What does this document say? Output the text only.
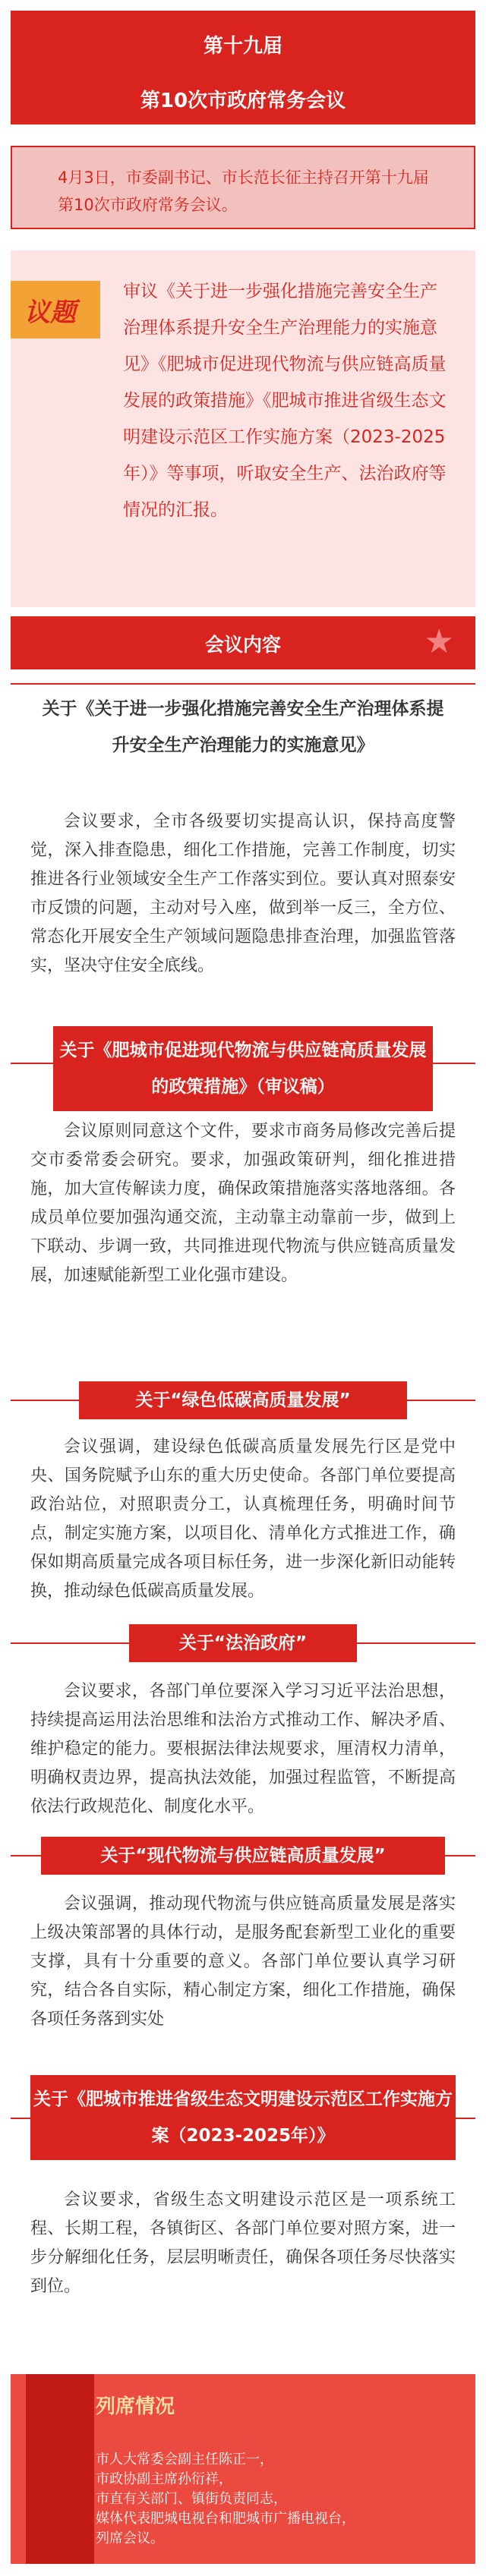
第十九届
第10次市政府常务会议
4月3日，市委副书记、市长范长征主持召开第十九届第10次市政府常务会议。
议题
审议《关于进一步强化措施完善安全生产治理体系提升安全生产治理能力的实施意见》《肥城市促进现代物流与供应链高质量发展的政策措施》《肥城市推进省级生态文明建设示范区工作实施方案（2023-2025年）》等事项，听取安全生产、法治政府等情况的汇报。
会议内容	★
关于《关于进一步强化措施完善安全生产治理体系提升安全生产治理能力的实施意见》
会议要求，全市各级要切实提高认识，保持高度警觉，深入排查隐患，细化工作措施，完善工作制度，切实推进各行业领域安全生产工作落实到位。要认真对照泰安市反馈的问题，主动对号入座，做到举一反三，全方位、常态化开展安全生产领域问题隐患排查治理，加强监管落实，坚决守住安全底线。
关于《肥城市促进现代物流与供应链高质量发展的政策措施》（审议稿）
会议原则同意这个文件，要求市商务局修改完善后提交市委常委会研究。要求，加强政策研判，细化推进措施，加大宣传解读力度，确保政策措施落实落地落细。各成员单位要加强沟通交流，主动靠主动靠前一步，做到上下联动、步调一致，共同推进现代物流与供应链高质量发展，加速赋能新型工业化强市建设。
关于“绿色低碳高质量发展”
会议强调，建设绿色低碳高质量发展先行区是党中央、国务院赋予山东的重大历史使命。各部门单位要提高政治站位，对照职责分工，认真梳理任务，明确时间节点，制定实施方案，以项目化、清单化方式推进工作，确保如期高质量完成各项目标任务，进一步深化新旧动能转换，推动绿色低碳高质量发展。
关于“法治政府”
会议要求，各部门单位要深入学习习近平法治思想，持续提高运用法治思维和法治方式推动工作、解决矛盾、维护稳定的能力。要根据法律法规要求，厘清权力清单，明确权责边界，提高执法效能，加强过程监管，不断提高依法行政规范化、制度化水平。
关于“现代物流与供应链高质量发展”
会议强调，推动现代物流与供应链高质量发展是落实上级决策部署的具体行动，是服务配套新型工业化的重要支撑，具有十分重要的意义。各部门单位要认真学习研究，结合各自实际，精心制定方案，细化工作措施，确保各项任务落到实处
关于《肥城市推进省级生态文明建设示范区工作实施方案（2023-2025年）》
会议要求，省级生态文明建设示范区是一项系统工程、长期工程，各镇街区、各部门单位要对照方案，进一步分解细化任务，层层明晰责任，确保各项任务尽快落实到位。
列席情况
市人大常委会副主任陈正一，
市政协副主席孙衍祥，
市直有关部门、镇街负责同志，
媒体代表肥城电视台和肥城市广播电视台，
列席会议。
